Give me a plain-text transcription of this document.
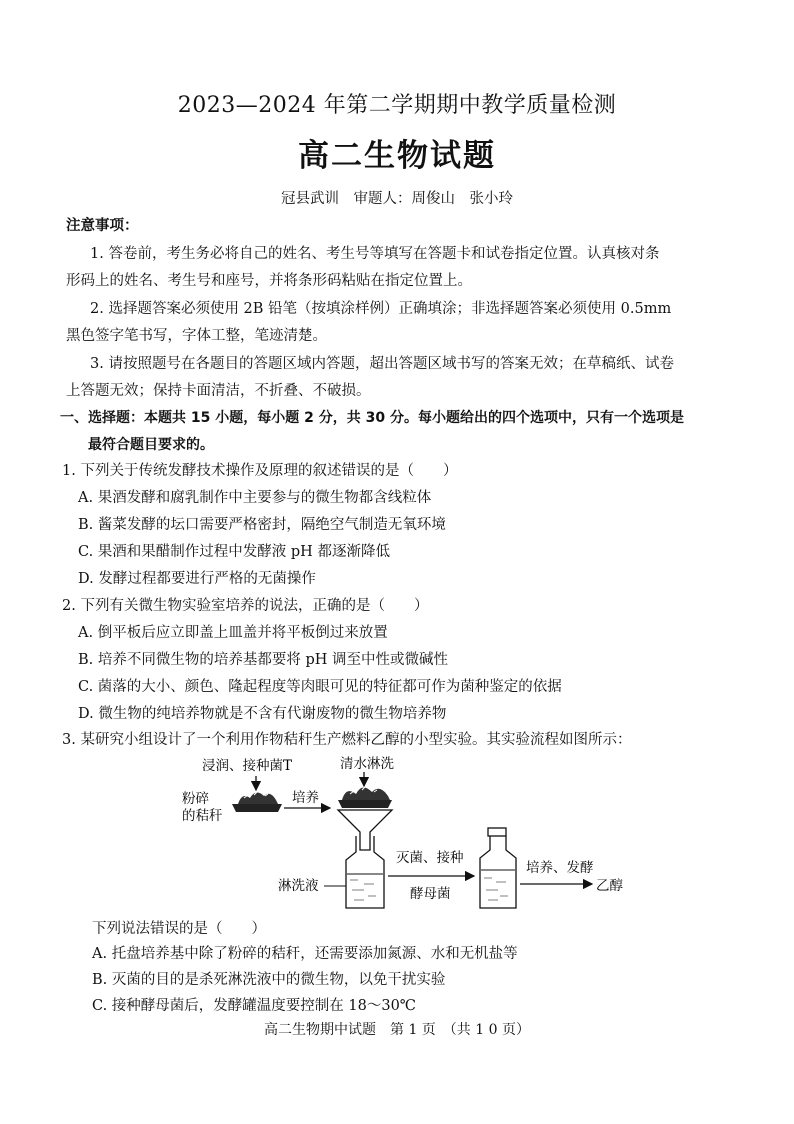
2023—2024 年第二学期期中教学质量检测
高二生物试题
冠县武训　审题人：周俊山　张小玲
注意事项：
1. 答卷前，考生务必将自己的姓名、考生号等填写在答题卡和试卷指定位置。认真核对条
形码上的姓名、考生号和座号，并将条形码粘贴在指定位置上。
2. 选择题答案必须使用 2B 铅笔（按填涂样例）正确填涂；非选择题答案必须使用 0.5mm
黑色签字笔书写，字体工整，笔迹清楚。
3. 请按照题号在各题目的答题区域内答题，超出答题区域书写的答案无效；在草稿纸、试卷
上答题无效；保持卡面清洁，不折叠、不破损。
一、选择题：本题共 15 小题，每小题 2 分，共 30 分。每小题给出的四个选项中，只有一个选项是
最符合题目要求的。
1. 下列关于传统发酵技术操作及原理的叙述错误的是（　　）
A. 果酒发酵和腐乳制作中主要参与的微生物都含线粒体
B. 酱菜发酵的坛口需要严格密封，隔绝空气制造无氧环境
C. 果酒和果醋制作过程中发酵液 pH 都逐渐降低
D. 发酵过程都要进行严格的无菌操作
2. 下列有关微生物实验室培养的说法，正确的是（　　）
A. 倒平板后应立即盖上皿盖并将平板倒过来放置
B. 培养不同微生物的培养基都要将 pH 调至中性或微碱性
C. 菌落的大小、颜色、隆起程度等肉眼可见的特征都可作为菌种鉴定的依据
D. 微生物的纯培养物就是不含有代谢废物的微生物培养物
3. 某研究小组设计了一个利用作物秸秆生产燃料乙醇的小型实验。其实验流程如图所示：
浸润、接种菌T	清水淋洗
粉碎
的秸秆
培养
淋洗液
灭菌、接种
酵母菌
培养、发酵
乙醇
下列说法错误的是（　　）
A. 托盘培养基中除了粉碎的秸秆，还需要添加氮源、水和无机盐等
B. 灭菌的目的是杀死淋洗液中的微生物，以免干扰实验
C. 接种酵母菌后，发酵罐温度要控制在 18～30℃
高二生物期中试题　第 1 页　（共 1 0 页）
